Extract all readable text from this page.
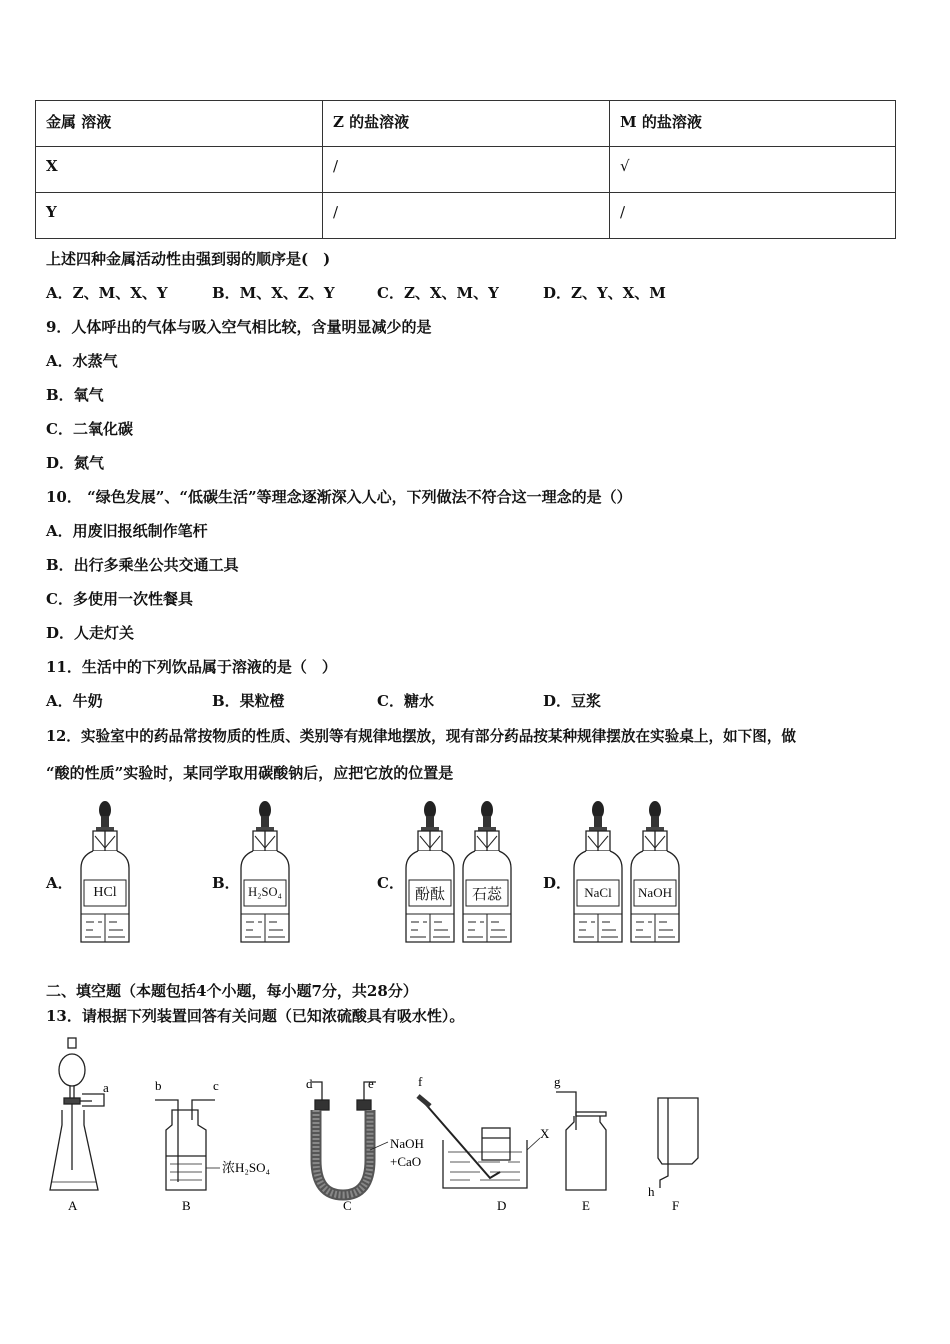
金属 溶液	Z 的盐溶液	M 的盐溶液
X	∕	√
Y	∕	∕
上述四种金属活动性由强到弱的顺序是(　)
A．Z、M、X、Y	B．M、X、Z、Y	C．Z、X、M、Y	D．Z、Y、X、M
9．人体呼出的气体与吸入空气相比较，含量明显减少的是
A．水蒸气
B．氧气
C．二氧化碳
D．氮气
10． “绿色发展”、“低碳生活”等理念逐渐深入人心，下列做法不符合这一理念的是（）
A．用废旧报纸制作笔杆
B．出行多乘坐公共交通工具
C．多使用一次性餐具
D．人走灯关
11．生活中的下列饮品属于溶液的是（　）
A．牛奶	B．果粒橙	C．糖水	D．豆浆
12．实验室中的药品常按物质的性质、类别等有规律地摆放，现有部分药品按某种规律摆放在实验桌上，如下图，做
“酸的性质”实验时，某同学取用碳酸钠后，应把它放的位置是
A．	B．	C．	D．
HCl	H₂SO₄	酚酞	石蕊	NaCl	NaOH
二、填空题（本题包括4个小题，每小题7分，共28分）
13．请根据下列装置回答有关问题（已知浓硫酸具有吸水性）。
a
A
b	c
浓H₂SO₄
B
d	e
NaOH
+CaO
C
f
X
D
g
E
h
F
